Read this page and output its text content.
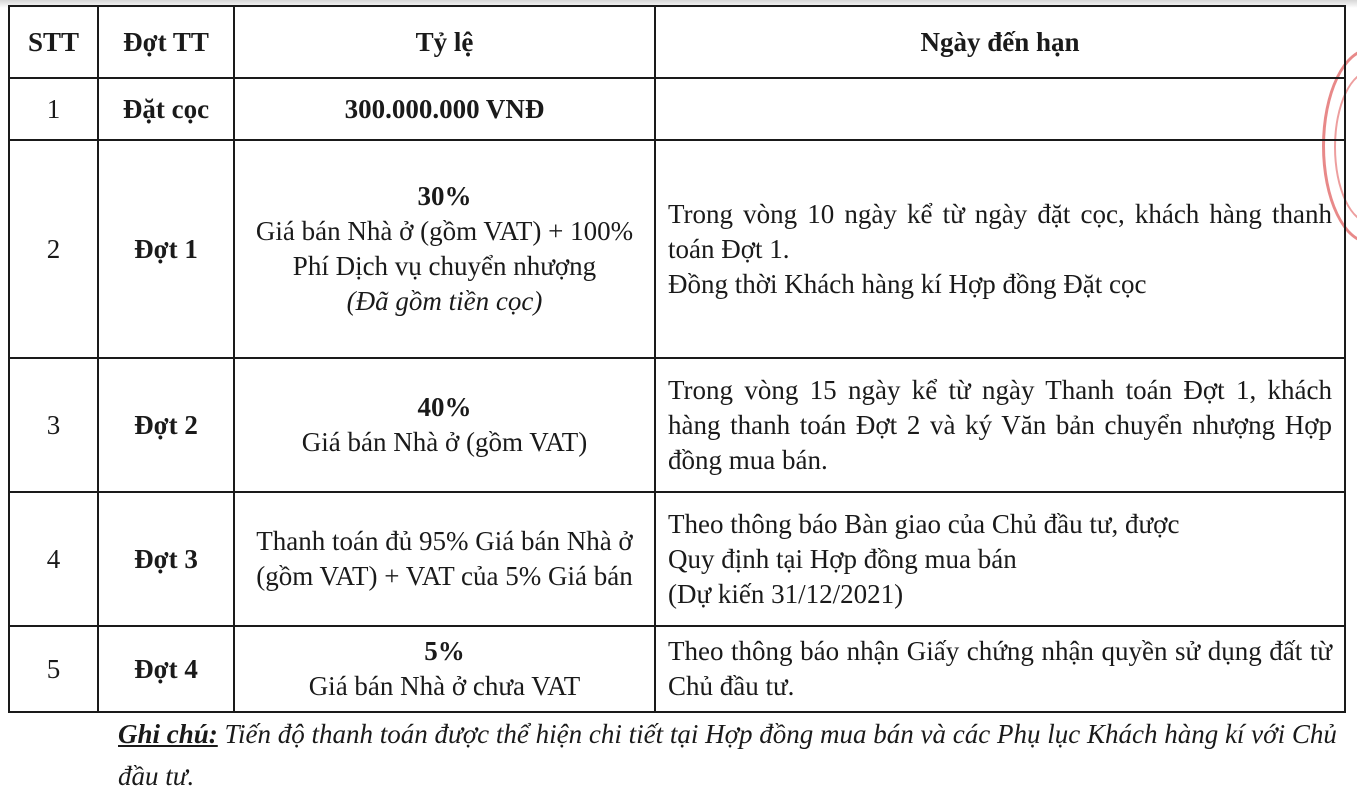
STT	Đợt TT	Tỷ lệ	Ngày đến hạn
1	Đặt cọc	300.000.000 VNĐ	

2	Đợt 1	30%
Giá bán Nhà ở (gồm VAT) + 100% Phí Dịch vụ chuyển nhượng
(Đã gồm tiền cọc)	Trong vòng 10 ngày kể từ ngày đặt cọc, khách hàng thanh toán Đợt 1.
Đồng thời Khách hàng kí Hợp đồng Đặt cọc

3	Đợt 2	40%
Giá bán Nhà ở (gồm VAT)	Trong vòng 15 ngày kể từ ngày Thanh toán Đợt 1, khách hàng thanh toán Đợt 2 và ký Văn bản chuyển nhượng Hợp đồng mua bán.

4	Đợt 3	Thanh toán đủ 95% Giá bán Nhà ở (gồm VAT) + VAT của 5% Giá bán	Theo thông báo Bàn giao của Chủ đầu tư, được
Quy định tại Hợp đồng mua bán
(Dự kiến 31/12/2021)

5	Đợt 4	5%
Giá bán Nhà ở chưa VAT	Theo thông báo nhận Giấy chứng nhận quyền sử dụng đất từ Chủ đầu tư.
Ghi chú: Tiến độ thanh toán được thể hiện chi tiết tại Hợp đồng mua bán và các Phụ lục Khách hàng kí với Chủ đầu tư.
